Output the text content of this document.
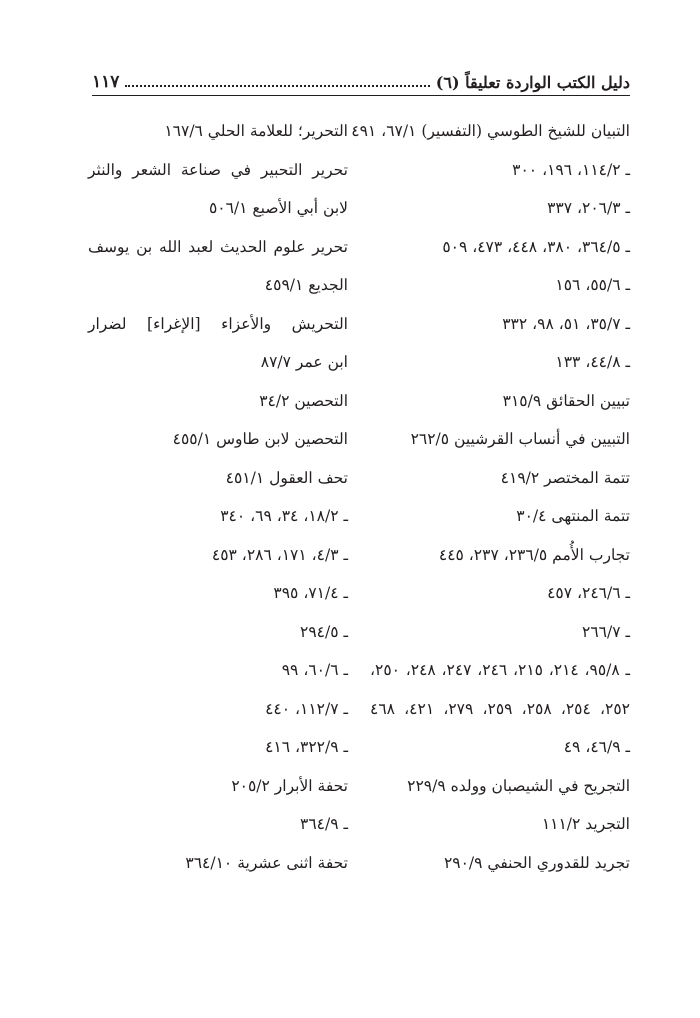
دليل الكتب الواردة تعليقاً (٦)
١١٧
التبيان للشيخ الطوسي (التفسير) ٦٧/١، ٤٩١
ـ ١١٤/٢، ١٩٦، ٣٠٠
ـ ٢٠٦/٣، ٣٣٧
ـ ٣٦٤/٥، ٣٨٠، ٤٤٨، ٤٧٣، ٥٠٩
ـ ٥٥/٦، ١٥٦
ـ ٣٥/٧، ٥١، ٩٨، ٣٣٢
ـ ٤٤/٨، ١٣٣
تبيين الحقائق ٣١٥/٩
التبيين في أنساب القرشيين ٢٦٢/٥
تتمة المختصر ٤١٩/٢
تتمة المنتهى ٣٠/٤
تجارب الأُمم ٢٣٦/٥، ٢٣٧، ٤٤٥
ـ ٢٤٦/٦، ٤٥٧
ـ ٢٦٦/٧
ـ ٩٥/٨، ٢١٤، ٢١٥، ٢٤٦، ٢٤٧، ٢٤٨، ٢٥٠،
٢٥٢، ٢٥٤، ٢٥٨، ٢٥٩، ٢٧٩، ٤٢١، ٤٦٨
ـ ٤٦/٩، ٤٩
التجريح في الشيصبان وولده ٢٢٩/٩
التجريد ١١١/٢
تجريد للقدوري الحنفي ٢٩٠/٩
التحرير؛ للعلامة الحلي ١٦٧/٦
تحرير التحبير في صناعة الشعر والنثر
لابن أبي الأصبع ٥٠٦/١
تحرير علوم الحديث لعبد الله بن يوسف
الجديع ٤٥٩/١
التحريش والأعزاء [الإغراء] لضرار
ابن عمر ٨٧/٧
التحصين ٣٤/٢
التحصين لابن طاوس ٤٥٥/١
تحف العقول ٤٥١/١
ـ ١٨/٢، ٣٤، ٦٩، ٣٤٠
ـ ٤/٣، ١٧١، ٢٨٦، ٤٥٣
ـ ٧١/٤، ٣٩٥
ـ ٢٩٤/٥
ـ ٦٠/٦، ٩٩
ـ ١١٢/٧، ٤٤٠
ـ ٣٢٢/٩، ٤١٦
تحفة الأبرار ٢٠٥/٢
ـ ٣٦٤/٩
تحفة اثنى عشرية ٣٦٤/١٠
